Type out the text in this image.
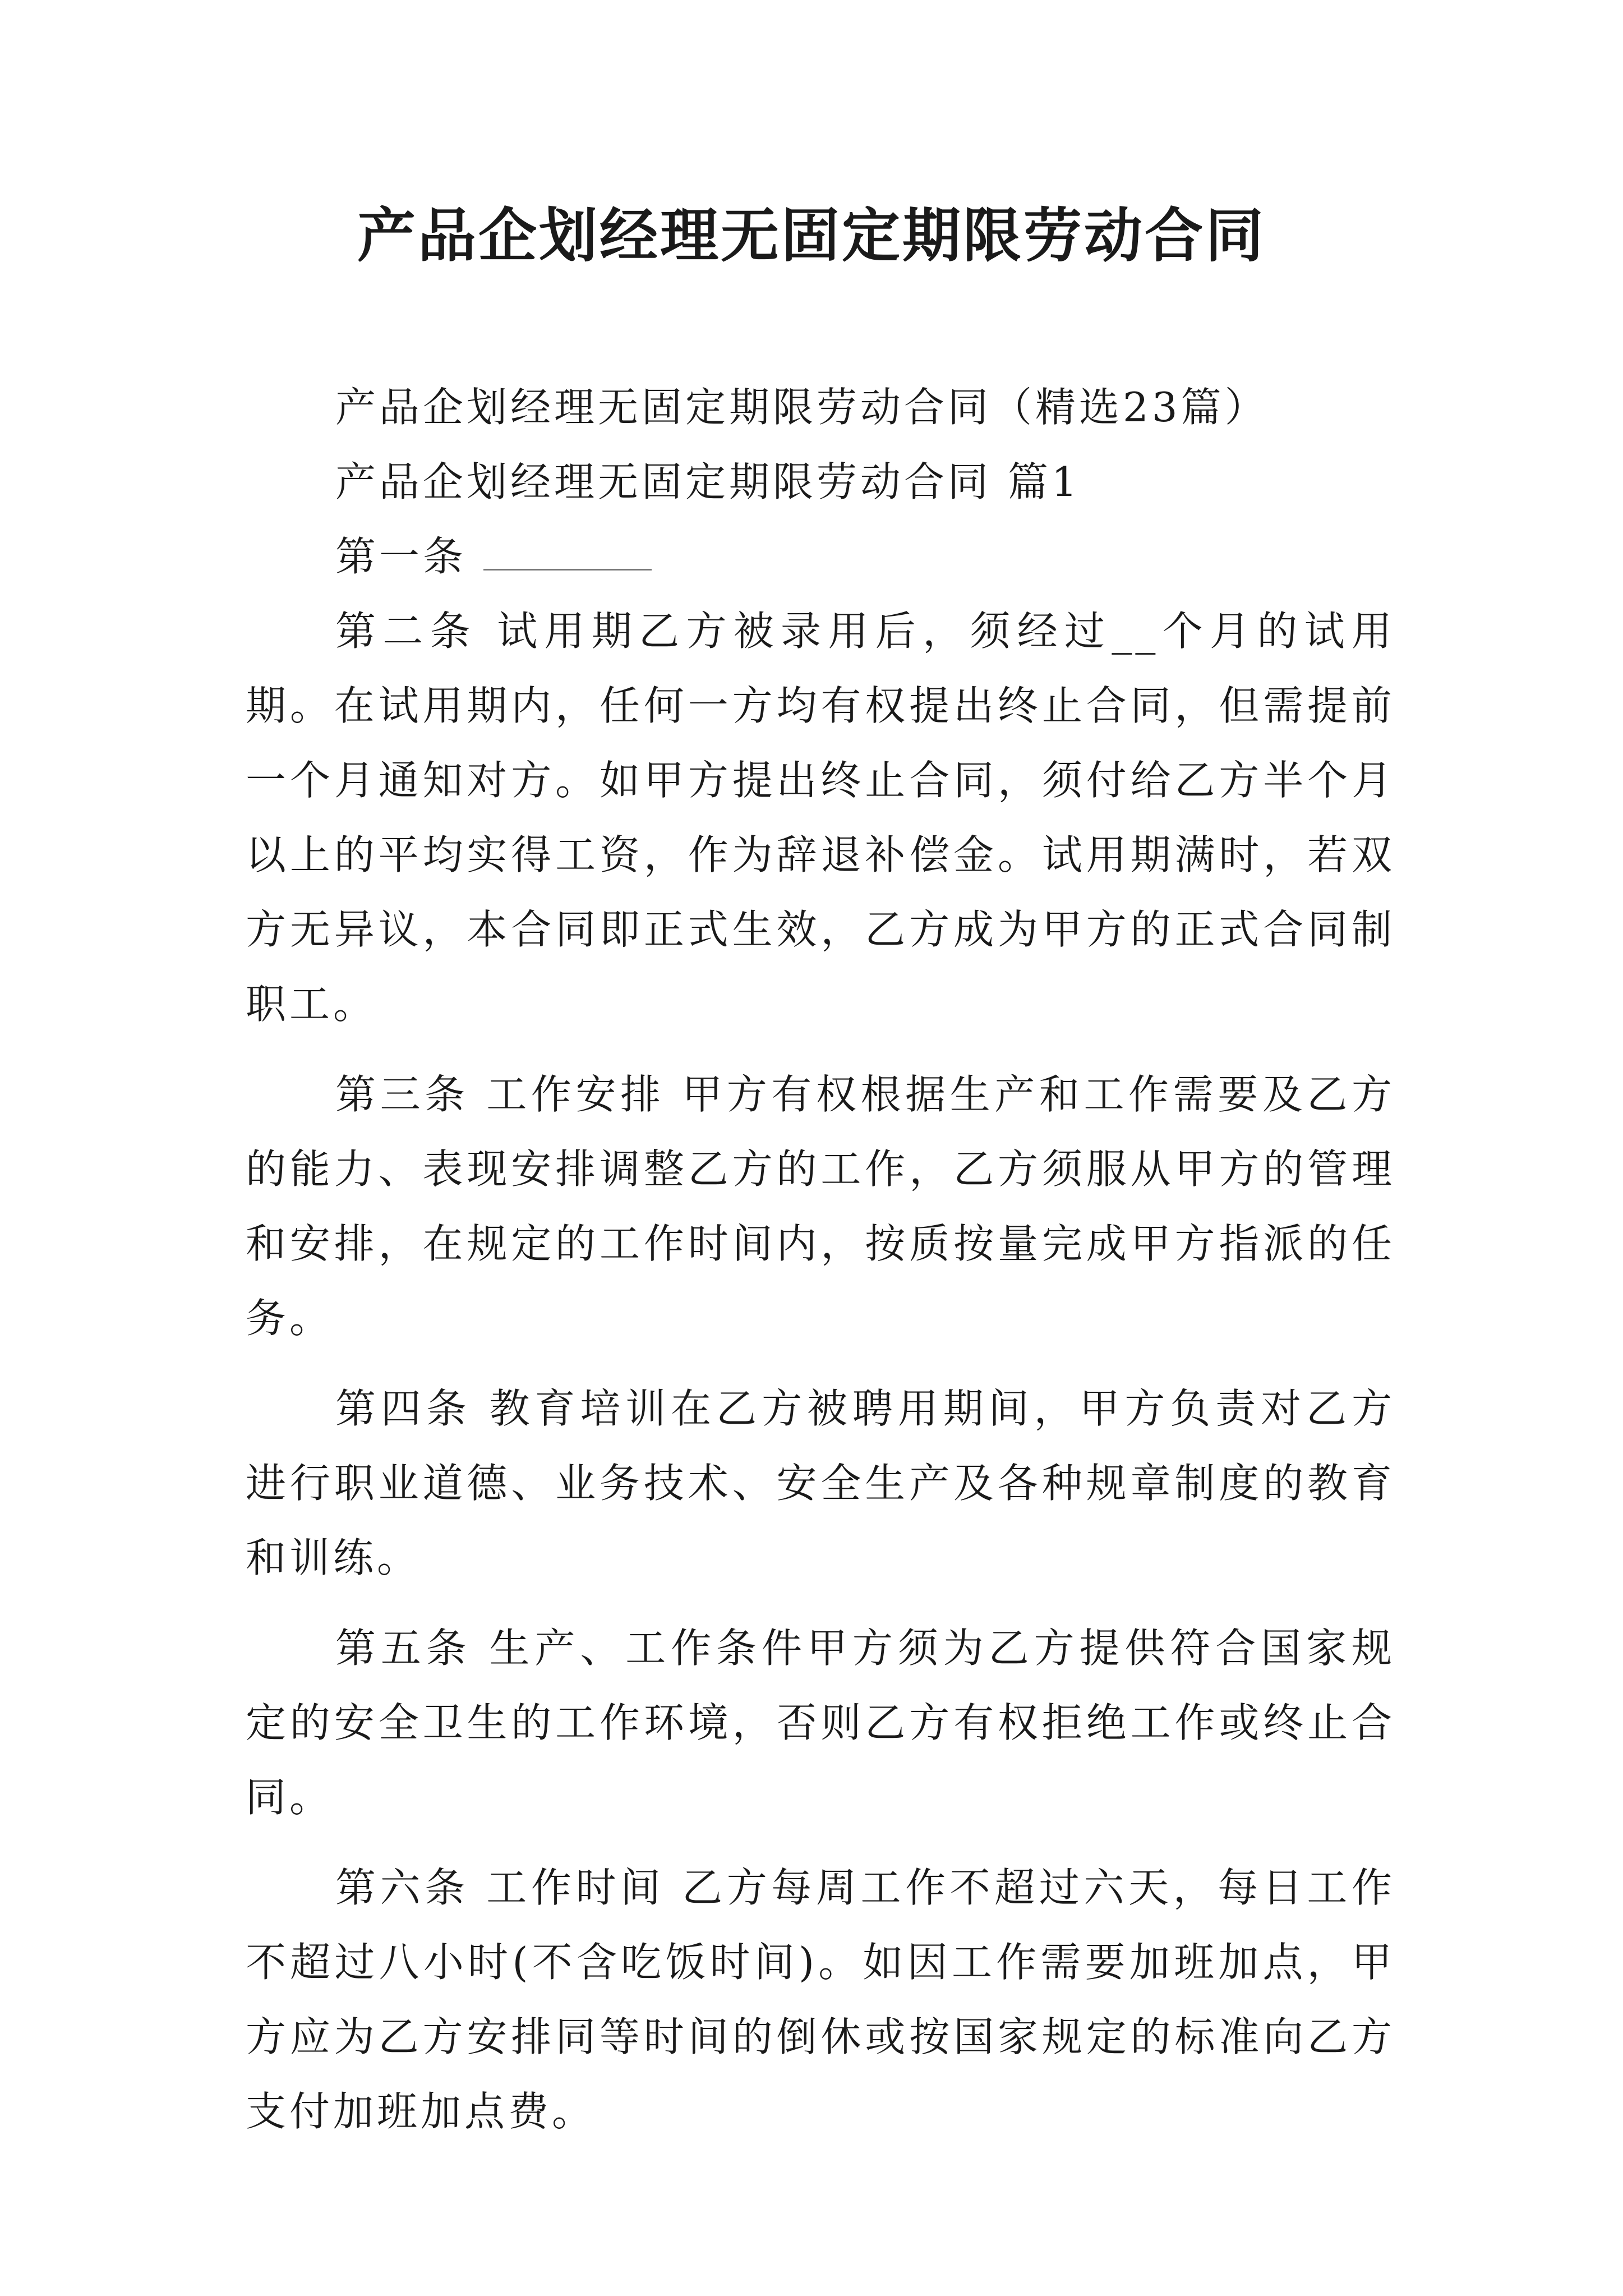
产品企划经理无固定期限劳动合同

产品企划经理无固定期限劳动合同（精选23篇）

产品企划经理无固定期限劳动合同 篇1

第一条

第二条 试用期乙方被录用后，须经过__个月的试用期。在试用期内，任何一方均有权提出终止合同，但需提前一个月通知对方。如甲方提出终止合同，须付给乙方半个月以上的平均实得工资，作为辞退补偿金。试用期满时，若双方无异议，本合同即正式生效，乙方成为甲方的正式合同制职工。

第三条 工作安排 甲方有权根据生产和工作需要及乙方的能力、表现安排调整乙方的工作，乙方须服从甲方的管理和安排，在规定的工作时间内，按质按量完成甲方指派的任务。

第四条 教育培训在乙方被聘用期间，甲方负责对乙方进行职业道德、业务技术、安全生产及各种规章制度的教育和训练。

第五条 生产、工作条件甲方须为乙方提供符合国家规定的安全卫生的工作环境，否则乙方有权拒绝工作或终止合同。

第六条 工作时间 乙方每周工作不超过六天，每日工作不超过八小时(不含吃饭时间)。如因工作需要加班加点，甲方应为乙方安排同等时间的倒休或按国家规定的标准向乙方支付加班加点费。
